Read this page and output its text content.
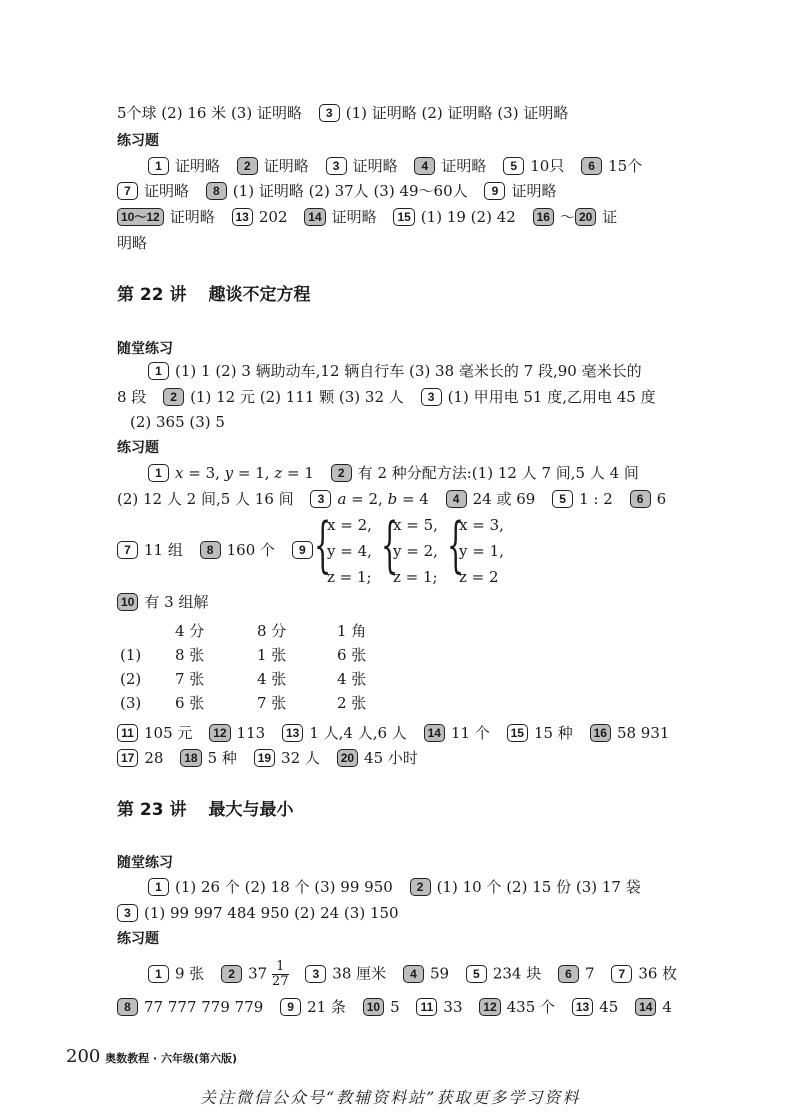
5个球 (2) 16 米 (3) 证明略 3 (1) 证明略 (2) 证明略 (3) 证明略
练习题
1 证明略 2 证明略 3 证明略 4 证明略 5 10只 6 15个
7 证明略 8 (1) 证明略 (2) 37人 (3) 49～60人 9 证明略
10～12 证明略 13 202 14 证明略 15 (1) 19 (2) 42 16 ～ 20 证
明略
第 22 讲 趣谈不定方程
随堂练习
1 (1) 1 (2) 3 辆助动车,12 辆自行车 (3) 38 毫米长的 7 段,90 毫米长的
8 段 2 (1) 12 元 (2) 111 颗 (3) 32 人 3 (1) 甲用电 51 度,乙用电 45 度
(2) 365 (3) 5
练习题
1 x = 3, y = 1, z = 1 2 有 2 种分配方法:(1) 12 人 7 间,5 人 4 间
(2) 12 人 2 间,5 人 16 间 3 a = 2, b = 4 4 24 或 69 5 1 : 2 6 6
7 11 组 8 160 个 9 {
x = 2,
y = 4,
z = 1; {
x = 5,
y = 2,
z = 1; {
x = 3,
y = 1,
z = 2
10 有 3 组解
4 分	8 分	1 角
(1) 8 张	1 张	6 张
(2) 7 张	4 张	4 张
(3) 6 张	7 张	2 张
11 105 元 12 113 13 1 人,4 人,6 人 14 11 个 15 15 种 16 58 931
17 28 18 5 种 19 32 人 20 45 小时
第 23 讲 最大与最小
随堂练习
1 (1) 26 个 (2) 18 个 (3) 99 950 2 (1) 10 个 (2) 15 份 (3) 17 袋
3 (1) 99 997 484 950 (2) 24 (3) 150
练习题
1 9 张 2 $37 \frac{1}{27} 3$ 38 厘米 4 59 5 234 块 6 7 7 36 枚
8 77 777 779 779 9 21 条 10 5 11 33 12 435 个 13 45 14 4
200 奥数教程 · 六年级(第六版)
关注微信公众号“教辅资料站”获取更多学习资料
